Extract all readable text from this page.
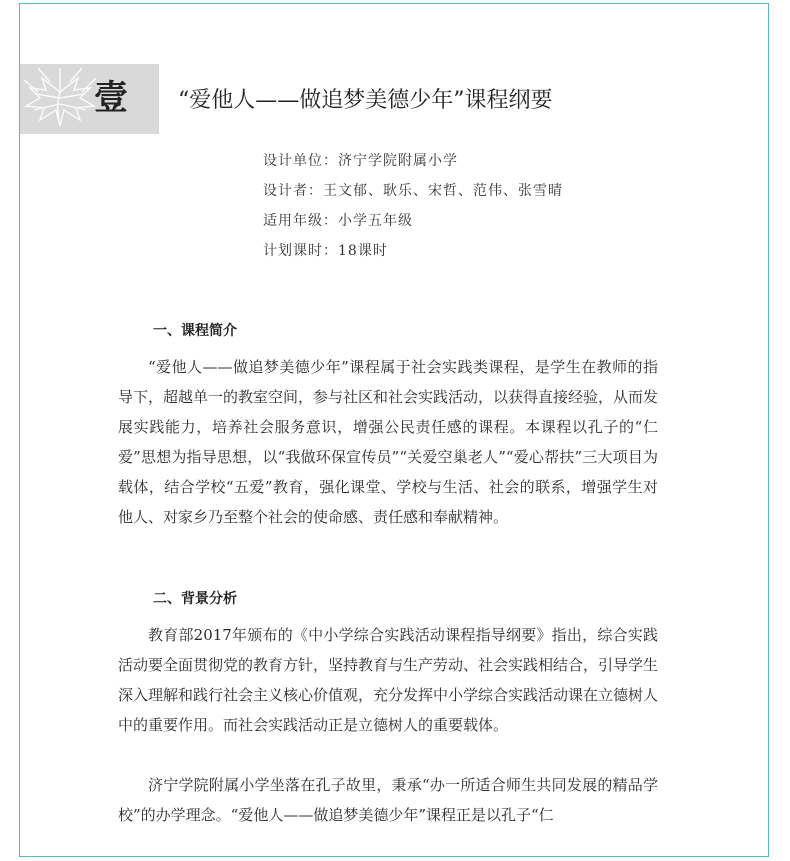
壹 “爱他人——做追梦美德少年”课程纲要
设计单位：济宁学院附属小学
设计者：王文郁、耿乐、宋哲、范伟、张雪晴
适用年级：小学五年级
计划课时：18课时
一、课程简介

“爱他人——做追梦美德少年”课程属于社会实践类课程，是学生在教师的指导下，超越单一的教室空间，参与社区和社会实践活动，以获得直接经验，从而发展实践能力，培养社会服务意识，增强公民责任感的课程。本课程以孔子的“仁爱”思想为指导思想，以“我做环保宣传员”“关爱空巢老人”“爱心帮扶”三大项目为载体，结合学校“五爱”教育，强化课堂、学校与生活、社会的联系，增强学生对他人、对家乡乃至整个社会的使命感、责任感和奉献精神。

二、背景分析

教育部2017年颁布的《中小学综合实践活动课程指导纲要》指出，综合实践活动要全面贯彻党的教育方针，坚持教育与生产劳动、社会实践相结合，引导学生深入理解和践行社会主义核心价值观，充分发挥中小学综合实践活动课在立德树人中的重要作用。而社会实践活动正是立德树人的重要载体。

济宁学院附属小学坐落在孔子故里，秉承“办一所适合师生共同发展的精品学校”的办学理念。“爱他人——做追梦美德少年”课程正是以孔子“仁
